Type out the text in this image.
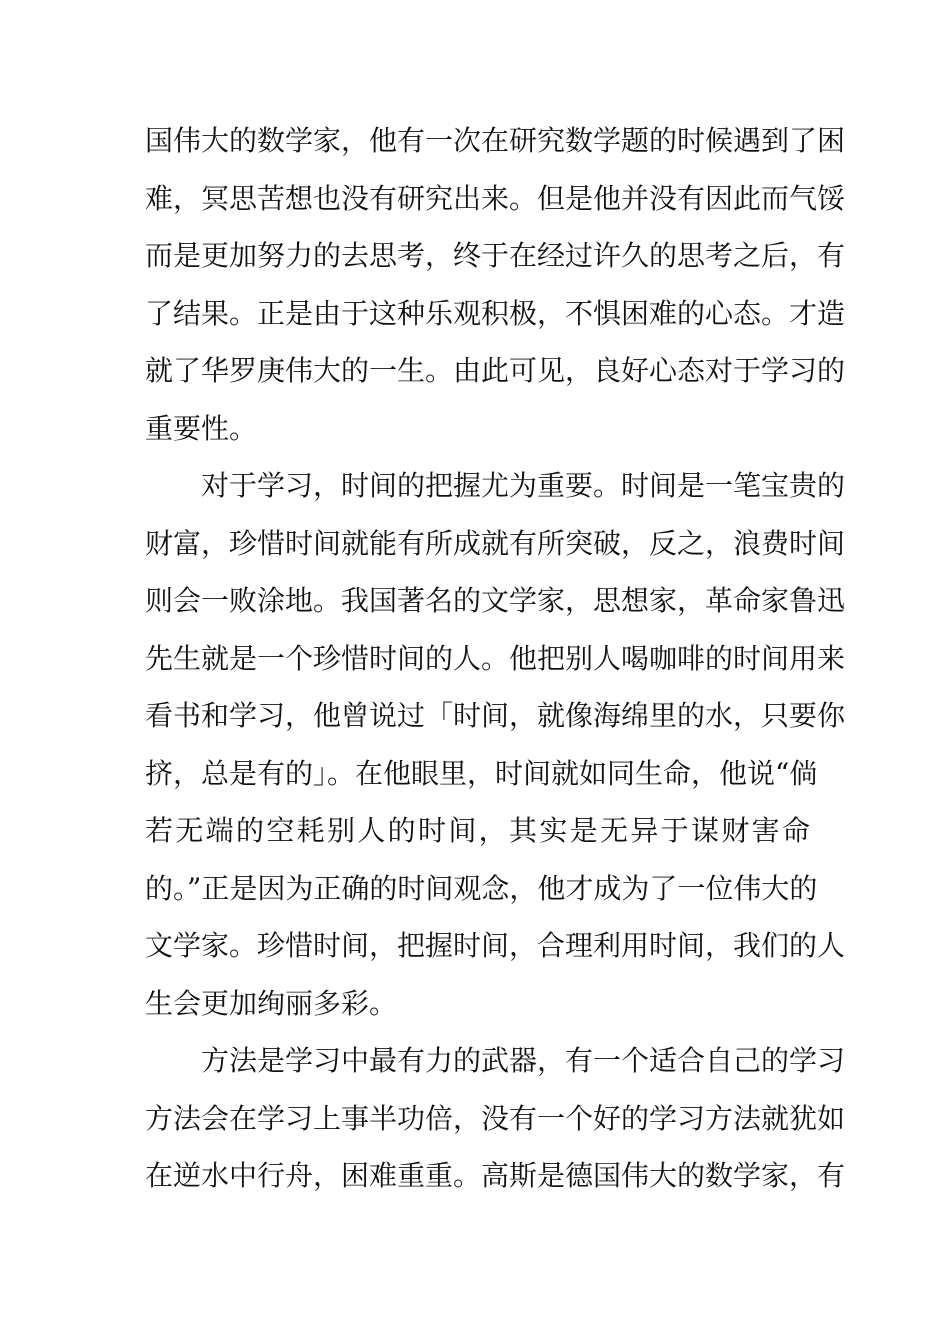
国伟大的数学家，他有一次在研究数学题的时候遇到了困
难，冥思苦想也没有研究出来。但是他并没有因此而气馁
而是更加努力的去思考，终于在经过许久的思考之后，有
了结果。正是由于这种乐观积极，不惧困难的心态。才造
就了华罗庚伟大的一生。由此可见，良好心态对于学习的
重要性。
对于学习，时间的把握尤为重要。时间是一笔宝贵的
财富，珍惜时间就能有所成就有所突破，反之，浪费时间
则会一败涂地。我国著名的文学家，思想家，革命家鲁迅
先生就是一个珍惜时间的人。他把别人喝咖啡的时间用来
看书和学习，他曾说过「时间，就像海绵里的水，只要你
挤，总是有的」。在他眼里，时间就如同生命，他说“倘
若无端的空耗别人的时间，其实是无异于谋财害命
的。”正是因为正确的时间观念，他才成为了一位伟大的
文学家。珍惜时间，把握时间，合理利用时间，我们的人
生会更加绚丽多彩。
方法是学习中最有力的武器，有一个适合自己的学习
方法会在学习上事半功倍，没有一个好的学习方法就犹如
在逆水中行舟，困难重重。高斯是德国伟大的数学家，有
